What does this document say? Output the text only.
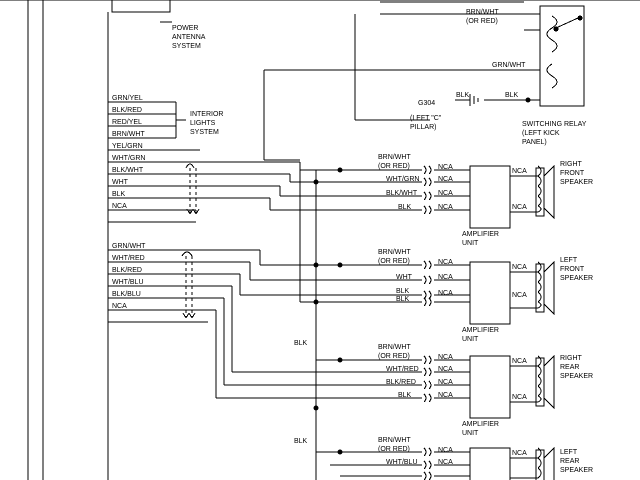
POWER
ANTENNA
SYSTEM
INTERIOR
LIGHTS
SYSTEM
GRN/YEL
BLK/RED
RED/YEL
BRN/WHT
YEL/GRN
WHT/GRN
BLK/WHT
WHT
BLK
NCA
GRN/WHT
WHT/RED
BLK/RED
WHT/BLU
BLK/BLU
NCA
BRN/WHT
(OR RED)
GRN/WHT
G304
(LEFT "C"
PILLAR)
BLK	BLK
SWITCHING RELAY
(LEFT KICK
PANEL)
BLK
BLK
BRN/WHT
(OR RED)
WHT/GRN
BLK/WHT
BLK
NCA
NCA
NCA
NCA
NCA
NCA
AMPLIFIER
UNIT
RIGHT
FRONT
SPEAKER
BRN/WHT
(OR RED)
WHT
BLK
BLK
NCA
NCA
NCA
NCA
NCA
AMPLIFIER
UNIT
LEFT
FRONT
SPEAKER
BRN/WHT
(OR RED)
WHT/RED
BLK/RED
BLK
NCA
NCA
NCA
NCA
NCA
NCA
AMPLIFIER
UNIT
RIGHT
REAR
SPEAKER
BRN/WHT
(OR RED)
WHT/BLU
NCA
NCA
NCA	LEFT
REAR
SPEAKER
